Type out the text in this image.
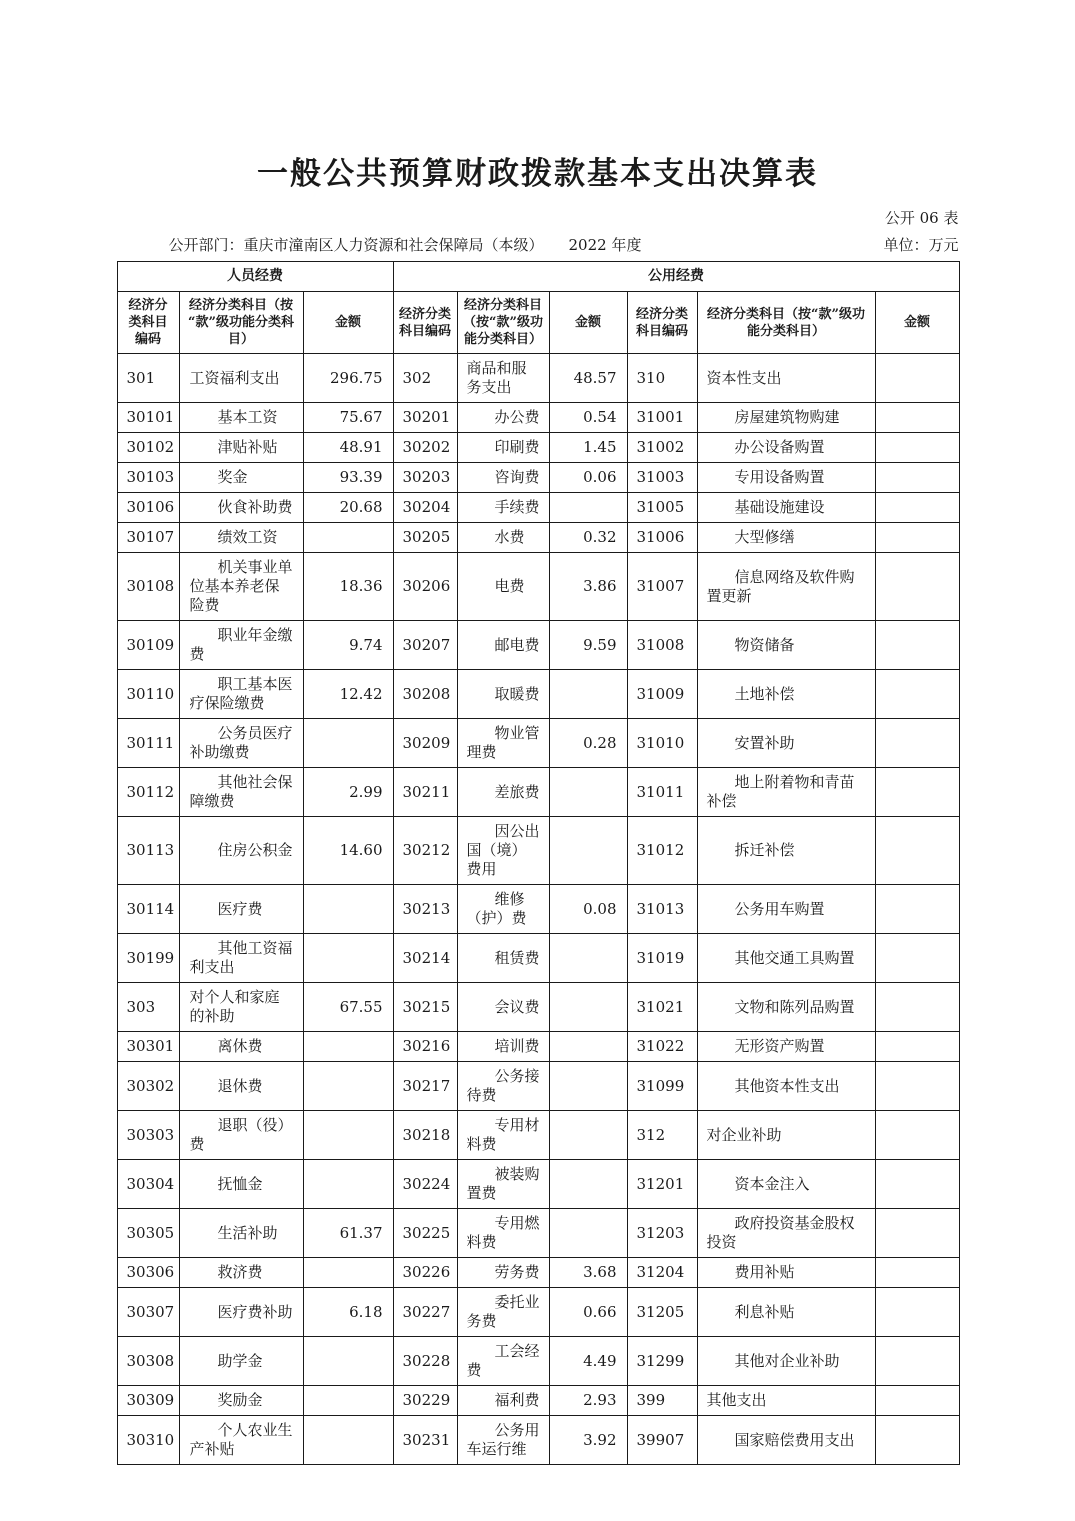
一般公共预算财政拨款基本支出决算表
公开 06 表
公开部门：重庆市潼南区人力资源和社会保障局（本级） 2022 年度	单位：万元
人员经费			公用经费					
经济分类科目编码	经济分类科目（按“款”级功能分类科目）	金额	经济分类科目编码	经济分类科目（按“款”级功能分类科目）	金额	经济分类科目编码	经济分类科目（按“款”级功能分类科目）	金额
301	工资福利支出	296.75	302	商品和服务支出	48.57	310	资本性支出	
30101	基本工资	75.67	30201	办公费	0.54	31001	房屋建筑物购建	
30102	津贴补贴	48.91	30202	印刷费	1.45	31002	办公设备购置	
30103	奖金	93.39	30203	咨询费	0.06	31003	专用设备购置	
30106	伙食补助费	20.68	30204	手续费		31005	基础设施建设	
30107	绩效工资		30205	水费	0.32	31006	大型修缮	
30108	机关事业单位基本养老保险费	18.36	30206	电费	3.86	31007	信息网络及软件购置更新	
30109	职业年金缴费	9.74	30207	邮电费	9.59	31008	物资储备	
30110	职工基本医疗保险缴费	12.42	30208	取暖费		31009	土地补偿	
30111	公务员医疗补助缴费		30209	物业管理费	0.28	31010	安置补助	
30112	其他社会保障缴费	2.99	30211	差旅费		31011	地上附着物和青苗补偿	
30113	住房公积金	14.60	30212	因公出国（境）费用		31012	拆迁补偿	
30114	医疗费		30213	维修（护）费	0.08	31013	公务用车购置	
30199	其他工资福利支出		30214	租赁费		31019	其他交通工具购置	
303	对个人和家庭的补助	67.55	30215	会议费		31021	文物和陈列品购置	
30301	离休费		30216	培训费		31022	无形资产购置	
30302	退休费		30217	公务接待费		31099	其他资本性支出	
30303	退职（役）费		30218	专用材料费		312	对企业补助	
30304	抚恤金		30224	被装购置费		31201	资本金注入	
30305	生活补助	61.37	30225	专用燃料费		31203	政府投资基金股权投资	
30306	救济费		30226	劳务费	3.68	31204	费用补贴	
30307	医疗费补助	6.18	30227	委托业务费	0.66	31205	利息补贴	
30308	助学金		30228	工会经费	4.49	31299	其他对企业补助	
30309	奖励金		30229	福利费	2.93	399	其他支出	
30310	个人农业生产补贴		30231	公务用车运行维	3.92	39907	国家赔偿费用支出	
